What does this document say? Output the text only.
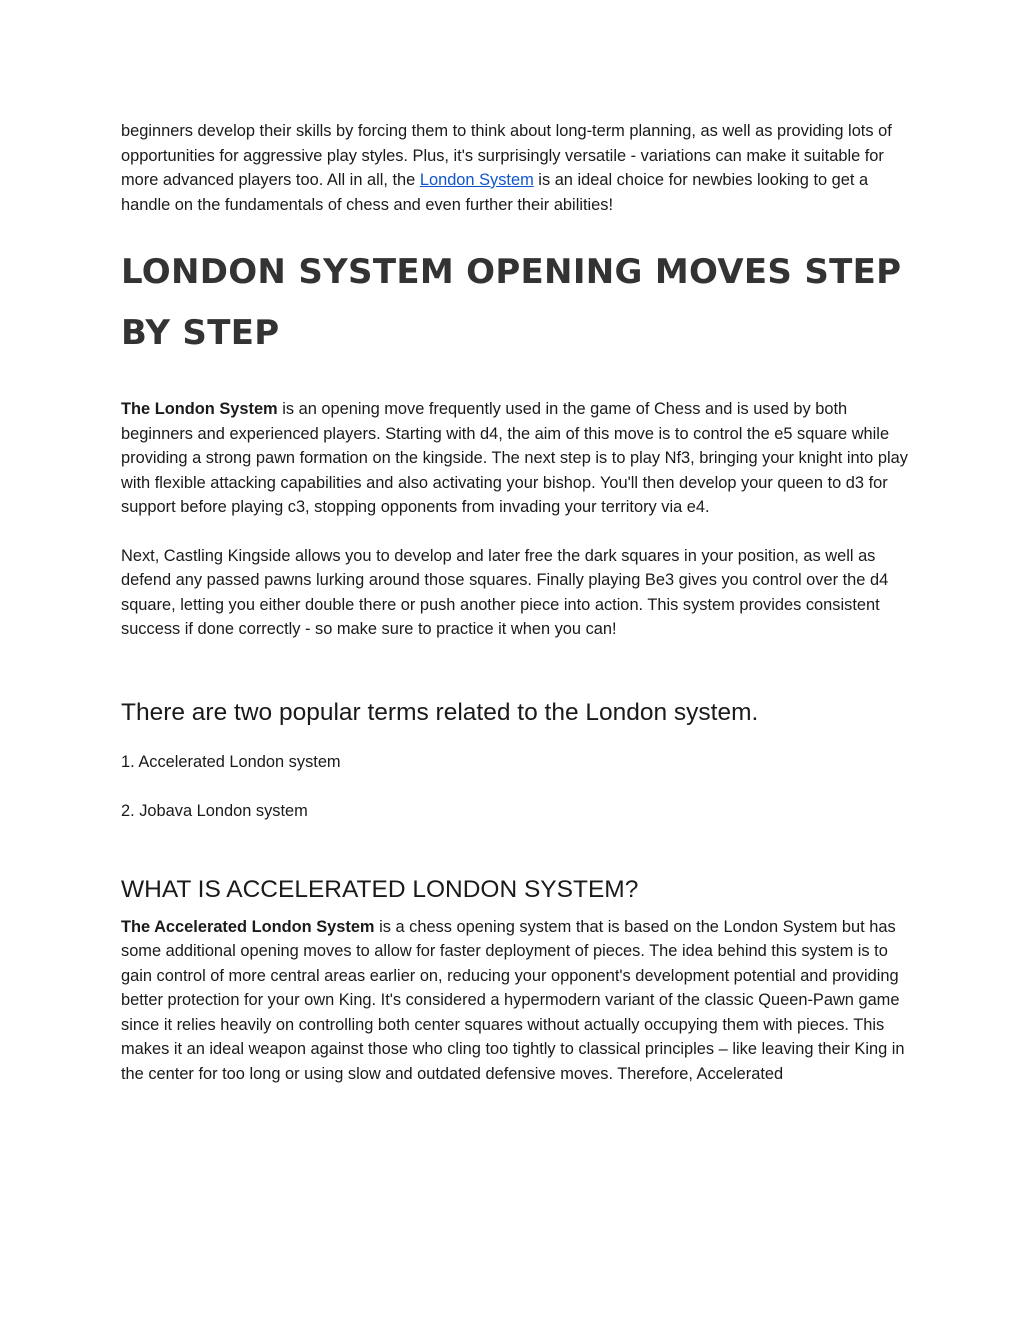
beginners develop their skills by forcing them to think about long-term planning, as well as providing lots of opportunities for aggressive play styles. Plus, it's surprisingly versatile - variations can make it suitable for more advanced players too. All in all, the London System is an ideal choice for newbies looking to get a handle on the fundamentals of chess and even further their abilities!

LONDON SYSTEM OPENING MOVES STEP BY STEP

The London System is an opening move frequently used in the game of Chess and is used by both beginners and experienced players. Starting with d4, the aim of this move is to control the e5 square while providing a strong pawn formation on the kingside. The next step is to play Nf3, bringing your knight into play with flexible attacking capabilities and also activating your bishop. You'll then develop your queen to d3 for support before playing c3, stopping opponents from invading your territory via e4.

Next, Castling Kingside allows you to develop and later free the dark squares in your position, as well as defend any passed pawns lurking around those squares. Finally playing Be3 gives you control over the d4 square, letting you either double there or push another piece into action. This system provides consistent success if done correctly - so make sure to practice it when you can!

There are two popular terms related to the London system.

1. Accelerated London system

2. Jobava London system

WHAT IS ACCELERATED LONDON SYSTEM?

The Accelerated London System is a chess opening system that is based on the London System but has some additional opening moves to allow for faster deployment of pieces. The idea behind this system is to gain control of more central areas earlier on, reducing your opponent's development potential and providing better protection for your own King. It's considered a hypermodern variant of the classic Queen-Pawn game since it relies heavily on controlling both center squares without actually occupying them with pieces. This makes it an ideal weapon against those who cling too tightly to classical principles – like leaving their King in the center for too long or using slow and outdated defensive moves. Therefore, Accelerated
